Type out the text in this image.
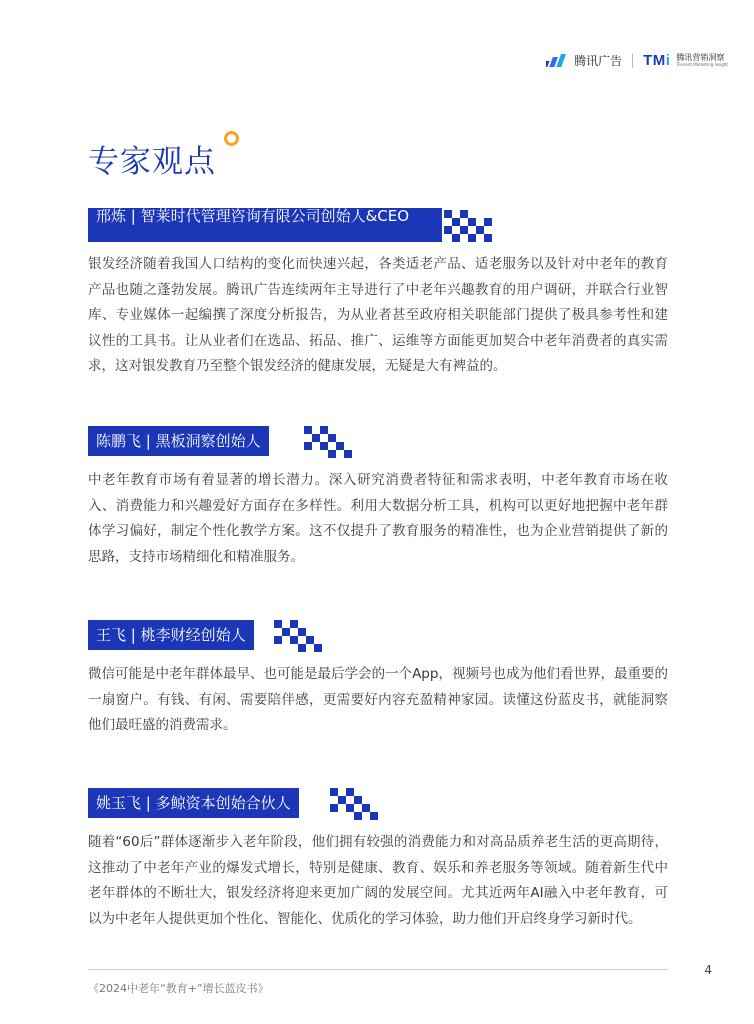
腾讯广告 TMi 腾讯营销洞察
Tencent Marketing Insight
专家观点
邢炼 | 智莱时代管理咨询有限公司创始人&CEO

银发经济随着我国人口结构的变化而快速兴起，各类适老产品、适老服务以及针对中老年的教育产品也随之蓬勃发展。腾讯广告连续两年主导进行了中老年兴趣教育的用户调研，并联合行业智库、专业媒体一起编撰了深度分析报告，为从业者甚至政府相关职能部门提供了极具参考性和建议性的工具书。让从业者们在选品、拓品、推广、运维等方面能更加契合中老年消费者的真实需求，这对银发教育乃至整个银发经济的健康发展，无疑是大有裨益的。

陈鹏飞 | 黑板洞察创始人

中老年教育市场有着显著的增长潜力。深入研究消费者特征和需求表明，中老年教育市场在收入、消费能力和兴趣爱好方面存在多样性。利用大数据分析工具，机构可以更好地把握中老年群体学习偏好，制定个性化教学方案。这不仅提升了教育服务的精准性，也为企业营销提供了新的思路，支持市场精细化和精准服务。

王飞 | 桃李财经创始人

微信可能是中老年群体最早、也可能是最后学会的一个App，视频号也成为他们看世界，最重要的一扇窗户。有钱、有闲、需要陪伴感，更需要好内容充盈精神家园。读懂这份蓝皮书，就能洞察他们最旺盛的消费需求。

姚玉飞 | 多鲸资本创始合伙人

随着“60后”群体逐渐步入老年阶段，他们拥有较强的消费能力和对高品质养老生活的更高期待，这推动了中老年产业的爆发式增长，特别是健康、教育、娱乐和养老服务等领域。随着新生代中老年群体的不断壮大，银发经济将迎来更加广阔的发展空间。尤其近两年AI融入中老年教育，可以为中老年人提供更加个性化、智能化、优质化的学习体验，助力他们开启终身学习新时代。

4
《2024中老年“教育+”增长蓝皮书》
